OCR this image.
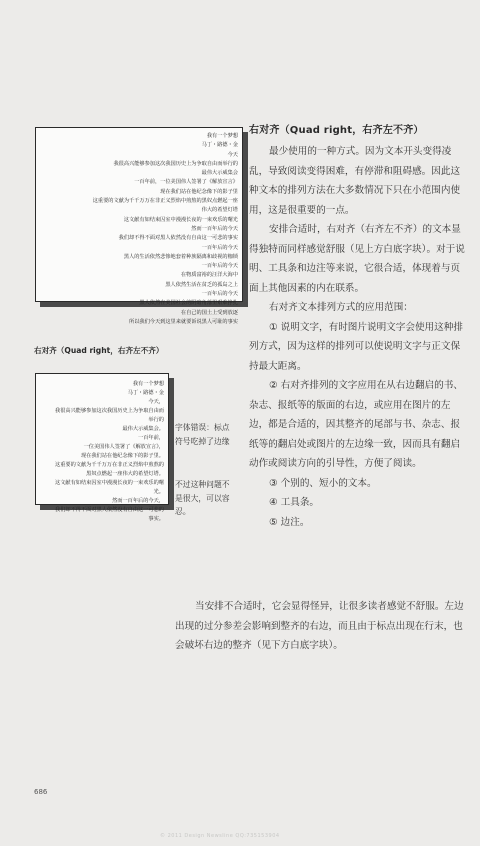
我有一个梦想
马丁・路德・金
今天
我很高兴能够参加这次我国历史上为争取自由而举行的
最伟大示威集会
一百年前，一位美国伟人签署了《解放宣言》
现在我们站在他纪念像下的影子里
这重要的文献为千千万万在非正义烈焰中煎熬的黑奴点燃起一座
伟大的希望灯塔
这文献有如结束囚室中漫漫长夜的一束欢乐的曙光
然而一百年后的今天
我们却不得不面对黑人依然没有自由这一可悲的事实
一百年后的今天
黑人的生活依然悲惨地套着种族隔离和歧视的枷锁
一百年后的今天
在物质富裕的汪洋大海中
黑人依然生活在贫乏的孤岛之上
一百年后的今天
黑人依然在美国社会的阴暗角落里艰难挣扎
在自己的国土上受到放逐
所以我们今天到这里来就要诉说黑人可耻的事实
右对齐（Quad right，右齐左不齐）
我有一个梦想
马丁・路德・金
今天，
我很高兴能够参加这次我国历史上为争取自由而
举行的
最伟大示威集会。
一百年前，
一位美国伟人签署了《解放宣言》，
现在我们站在他纪念像下的影子里。
这重要的文献为千千万万在非正义烈焰中煎熬的
黑奴点燃起一座伟大的希望灯塔。
这文献有如结束囚室中漫漫长夜的一束欢乐的曙
光。
然而一百年后的今天，
我们却不得不面对黑人依然没有自由这一可悲的
事实。
字体错误：标点符号吃掉了边缘
不过这种问题不是很大，可以容忍。
右对齐（Quad right，右齐左不齐）

最少使用的一种方式。因为文本开头变得凌乱，导致阅读变得困难，有停滞和阻碍感。因此这种文本的排列方法在大多数情况下只在小范围内使用，这是很重要的一点。

安排合适时，右对齐（右齐左不齐）的文本显得独特而同样感觉舒服（见上方白底字块）。对于说明、工具条和边注等来说，它很合适，体现着与页面上其他因素的内在联系。

右对齐文本排列方式的应用范围：

① 说明文字，有时图片说明文字会使用这种排列方式，因为这样的排列可以使说明文字与正文保持最大距离。

② 右对齐排列的文字应用在从右边翻启的书、杂志、报纸等的版面的右边，或应用在图片的左边，都是合适的，因其整齐的尾部与书、杂志、报纸等的翻启处或图片的左边缘一致，因而具有翻启动作或阅读方向的引导性，方便了阅读。

③ 个别的、短小的文本。

④ 工具条。

⑤ 边注。

当安排不合适时，它会显得怪异，让很多读者感觉不舒服。左边出现的过分参差会影响到整齐的右边，而且由于标点出现在行末，也会破坏右边的整齐（见下方白底字块）。

686
© 2011 Design Newsline QQ:735153904
